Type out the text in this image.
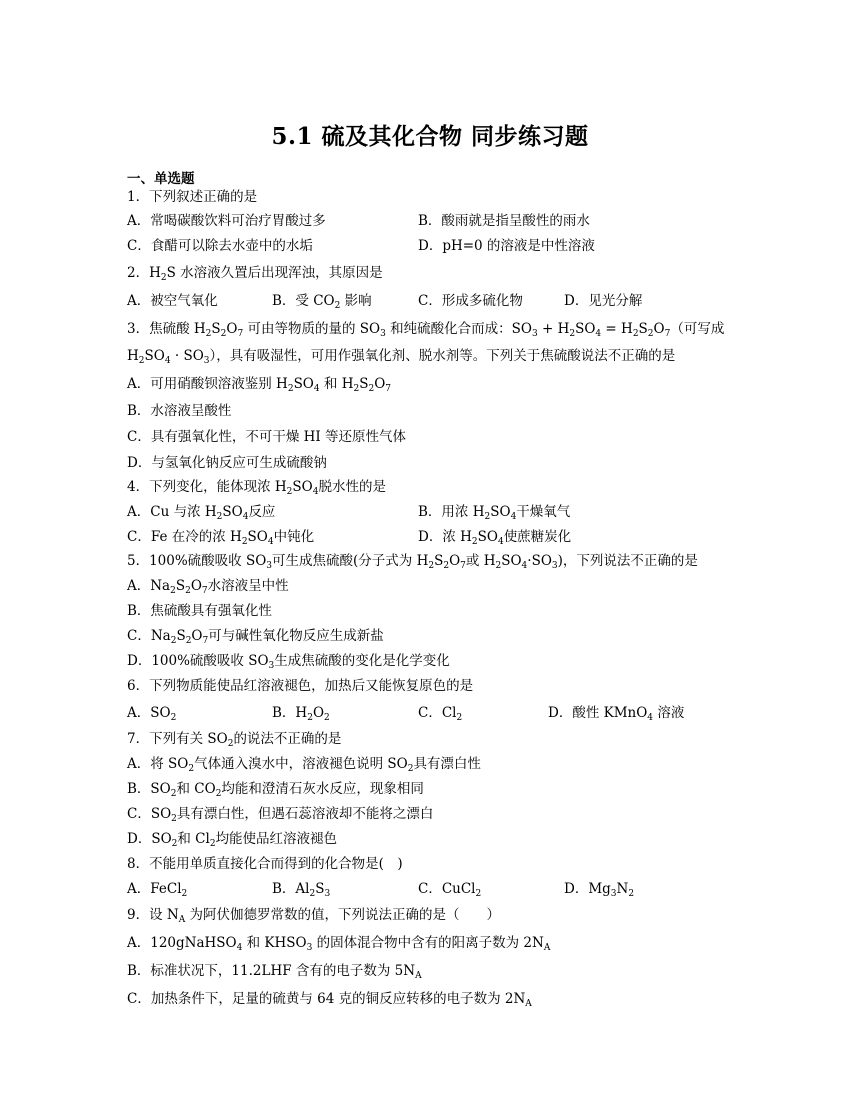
5.1 硫及其化合物 同步练习题
一、单选题
1．下列叙述正确的是
A．常喝碳酸饮料可治疗胃酸过多	B．酸雨就是指呈酸性的雨水
C．食醋可以除去水壶中的水垢	D．pH=0 的溶液是中性溶液
2．$H_2S$ 水溶液久置后出现浑浊，其原因是
A．被空气氧化	B．受 $CO_2$ 影响	C．形成多硫化物	D．见光分解
3．焦硫酸 $H_2S_2O_7$ 可由等物质的量的 $SO_3$ 和纯硫酸化合而成：$SO_3 + H_2SO_4 = H_2S_2O_7$（可写成
$H_2SO_4 \cdot SO_3$），具有吸湿性，可用作强氧化剂、脱水剂等。下列关于焦硫酸说法不正确的是
A．可用硝酸钡溶液鉴别 $H_2SO_4$ 和 $H_2S_2O_7$
B．水溶液呈酸性
C．具有强氧化性，不可干燥 HI 等还原性气体
D．与氢氧化钠反应可生成硫酸钠
4．下列变化，能体现浓 $H_2SO_4$脱水性的是
A．Cu 与浓 $H_2SO_4$反应	B．用浓 $H_2SO_4$干燥氧气
C．Fe 在冷的浓 $H_2SO_4$中钝化	D．浓 $H_2SO_4$使蔗糖炭化
5．100%硫酸吸收 $SO_3$可生成焦硫酸(分子式为 $H_2S_2O_7$或 $H_2SO_4\cdot SO_3$)，下列说法不正确的是
A．$Na_2S_2O_7$水溶液呈中性
B．焦硫酸具有强氧化性
C．$Na_2S_2O_7$可与碱性氧化物反应生成新盐
D．100%硫酸吸收 $SO_3$生成焦硫酸的变化是化学变化
6．下列物质能使品红溶液褪色，加热后又能恢复原色的是
A．$SO_2$	B．$H_2O_2$	C．$Cl_2$	D．酸性 KMnO$_4$ 溶液
7．下列有关 $SO_2$的说法不正确的是
A．将 $SO_2$气体通入溴水中，溶液褪色说明 $SO_2$具有漂白性
B．$SO_2$和 $CO_2$均能和澄清石灰水反应，现象相同
C．$SO_2$具有漂白性，但遇石蕊溶液却不能将之漂白
D．$SO_2$和 $Cl_2$均能使品红溶液褪色
8．不能用单质直接化合而得到的化合物是(　)
A．FeCl$_2$	B．$Al_2S_3$	C．CuCl$_2$	D．$Mg_3N_2$
9．设 $N_A$ 为阿伏伽德罗常数的值，下列说法正确的是（　　）
A．120gNaHSO$_4$ 和 $KHSO_3$ 的固体混合物中含有的阳离子数为 $2N_A$
B．标准状况下，11.2LHF 含有的电子数为 $5N_A$
C．加热条件下，足量的硫黄与 64 克的铜反应转移的电子数为 $2N_A$
